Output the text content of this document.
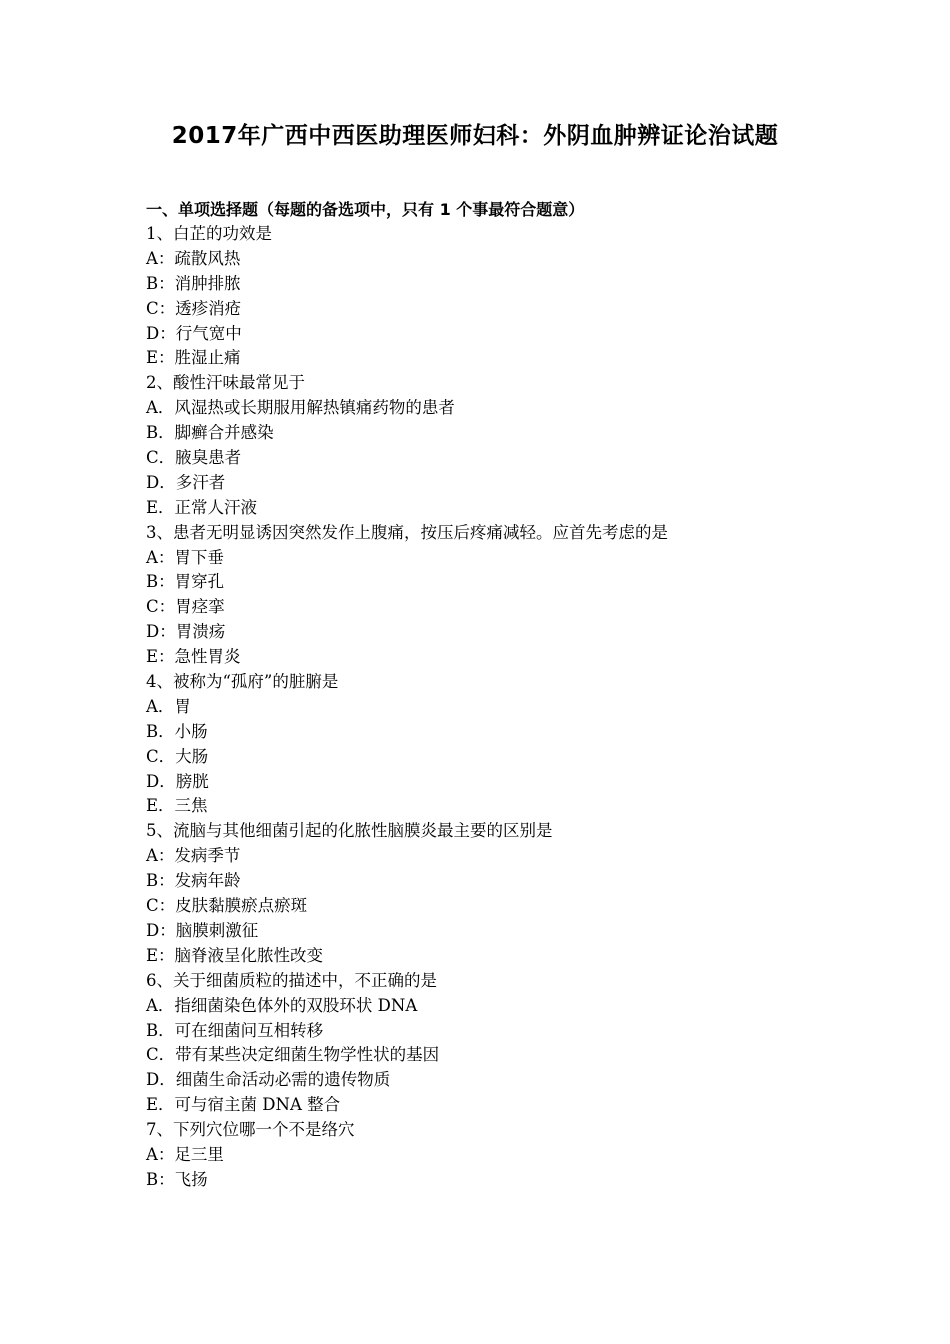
2017年广西中西医助理医师妇科：外阴血肿辨证论治试题
一、单项选择题（每题的备选项中，只有 1 个事最符合题意）
1、白芷的功效是
A：疏散风热
B：消肿排脓
C：透疹消疮
D：行气宽中
E：胜湿止痛
2、酸性汗味最常见于
A．风湿热或长期服用解热镇痛药物的患者
B．脚癣合并感染
C．腋臭患者
D．多汗者
E．正常人汗液
3、患者无明显诱因突然发作上腹痛，按压后疼痛减轻。应首先考虑的是
A：胃下垂
B：胃穿孔
C：胃痉挛
D：胃溃疡
E：急性胃炎
4、被称为“孤府”的脏腑是
A．胃
B．小肠
C．大肠
D．膀胱
E．三焦
5、流脑与其他细菌引起的化脓性脑膜炎最主要的区别是
A：发病季节
B：发病年龄
C：皮肤黏膜瘀点瘀斑
D：脑膜刺激征
E：脑脊液呈化脓性改变
6、关于细菌质粒的描述中，不正确的是
A．指细菌染色体外的双股环状 DNA
B．可在细菌问互相转移
C．带有某些决定细菌生物学性状的基因
D．细菌生命活动必需的遗传物质
E．可与宿主菌 DNA 整合
7、下列穴位哪一个不是络穴
A：足三里
B：飞扬
